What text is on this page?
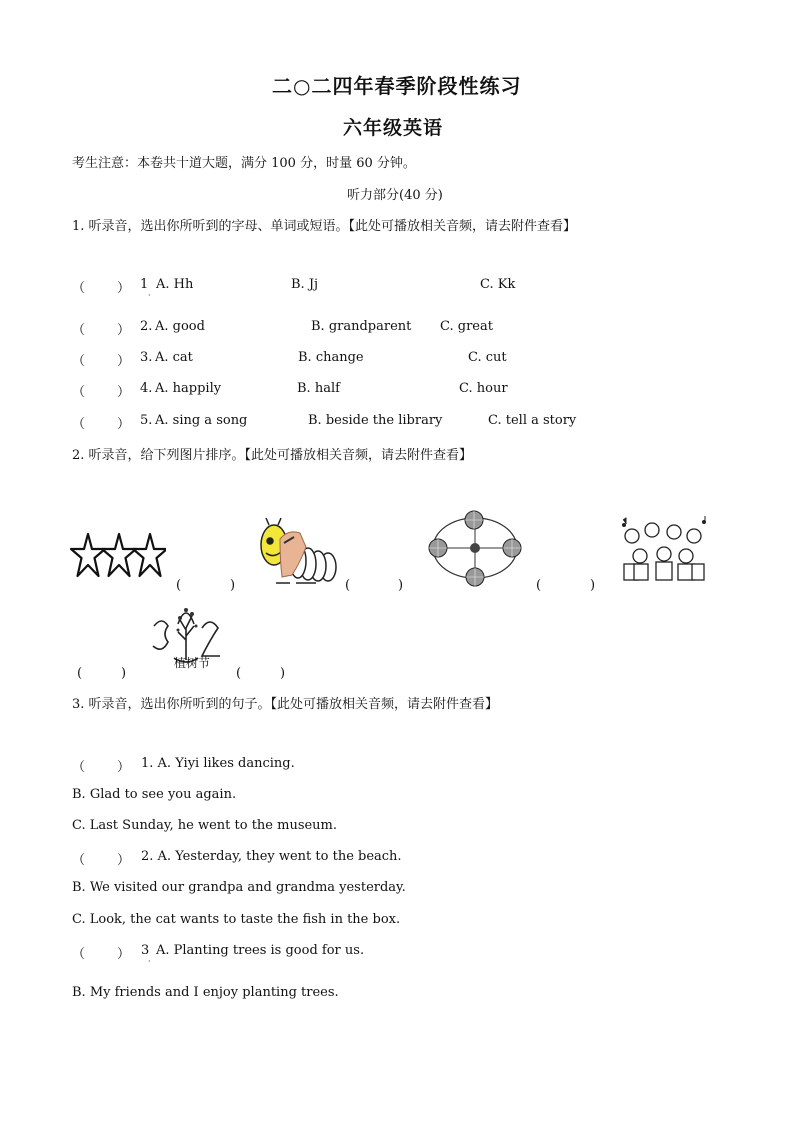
二○二四年春季阶段性练习
六年级英语
考生注意：本卷共十道大题，满分 100 分，时量 60 分钟。
听力部分(40 分)
1. 听录音，选出你所听到的字母、单词或短语。【此处可播放相关音频，请去附件查看】
（ ） 1
·
A. Hh	B. Jj	C. Kk
（ ） 2. A. good	B. grandparent C. great
（ ） 3. A. cat	B. change	C. cut
（ ） 4. A. happily	B. half	C. hour
（ ） 5. A. sing a song	B. beside the library	C. tell a story
2. 听录音，给下列图片排序。【此处可播放相关音频，请去附件查看】
(	)	(	)	(	)
植树节
(	)	(	)
3. 听录音，选出你所听到的句子。【此处可播放相关音频，请去附件查看】
（ ） 1. A. Yiyi likes dancing.
B. Glad to see you again.
C. Last Sunday, he went to the museum.
（ ） 2. A. Yesterday, they went to the beach.
B. We visited our grandpa and grandma yesterday.
C. Look, the cat wants to taste the fish in the box.
（ ） 3
·
A. Planting trees is good for us.
B. My friends and I enjoy planting trees.
